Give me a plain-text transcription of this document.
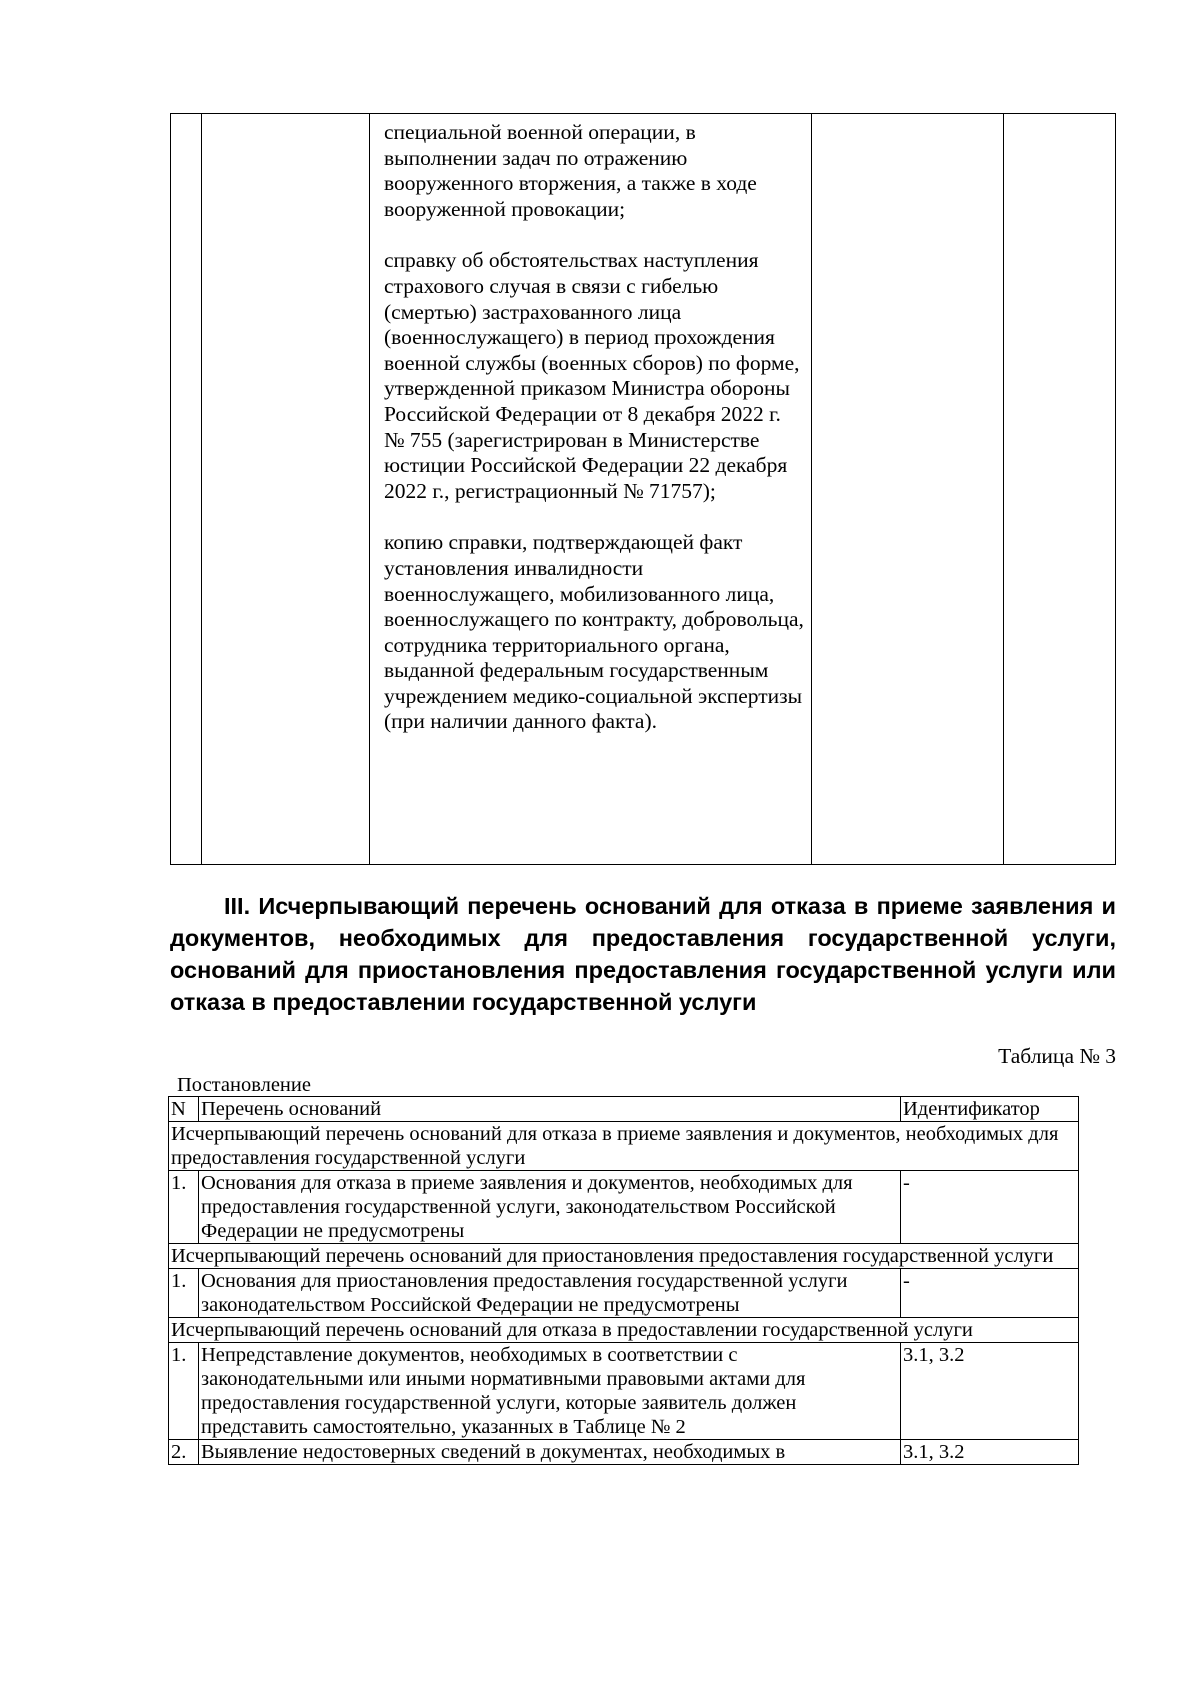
специальной военной операции, в выполнении задач по отражению вооруженного вторжения, а также в ходе вооруженной провокации;

справку об обстоятельствах наступления страхового случая в связи с гибелью (смертью) застрахованного лица (военнослужащего) в период прохождения военной службы (военных сборов) по форме, утвержденной приказом Министра обороны Российской Федерации от 8 декабря 2022 г. № 755 (зарегистрирован в Министерстве юстиции Российской Федерации 22 декабря 2022 г., регистрационный № 71757);

копию справки, подтверждающей факт установления инвалидности военнослужащего, мобилизованного лица, военнослужащего по контракту, добровольца, сотрудника территориального органа, выданной федеральным государственным учреждением медико-социальной экспертизы (при наличии данного факта).

III. Исчерпывающий перечень оснований для отказа в приеме заявления и документов, необходимых для предоставления государственной услуги, оснований для приостановления предоставления государственной услуги или отказа в предоставлении государственной услуги
Таблица № 3
Постановление
N	Перечень оснований	Идентификатор
Исчерпывающий перечень оснований для отказа в приеме заявления и документов, необходимых для предоставления государственной услуги		
1.	Основания для отказа в приеме заявления и документов, необходимых для предоставления государственной услуги, законодательством Российской Федерации не предусмотрены	-
Исчерпывающий перечень оснований для приостановления предоставления государственной услуги		
1.	Основания для приостановления предоставления государственной услуги законодательством Российской Федерации не предусмотрены	-
Исчерпывающий перечень оснований для отказа в предоставлении государственной услуги		
1.	Непредставление документов, необходимых в соответствии с законодательными или иными нормативными правовыми актами для предоставления государственной услуги, которые заявитель должен представить самостоятельно, указанных в Таблице № 2	3.1, 3.2
2.	Выявление недостоверных сведений в документах, необходимых в	3.1, 3.2
